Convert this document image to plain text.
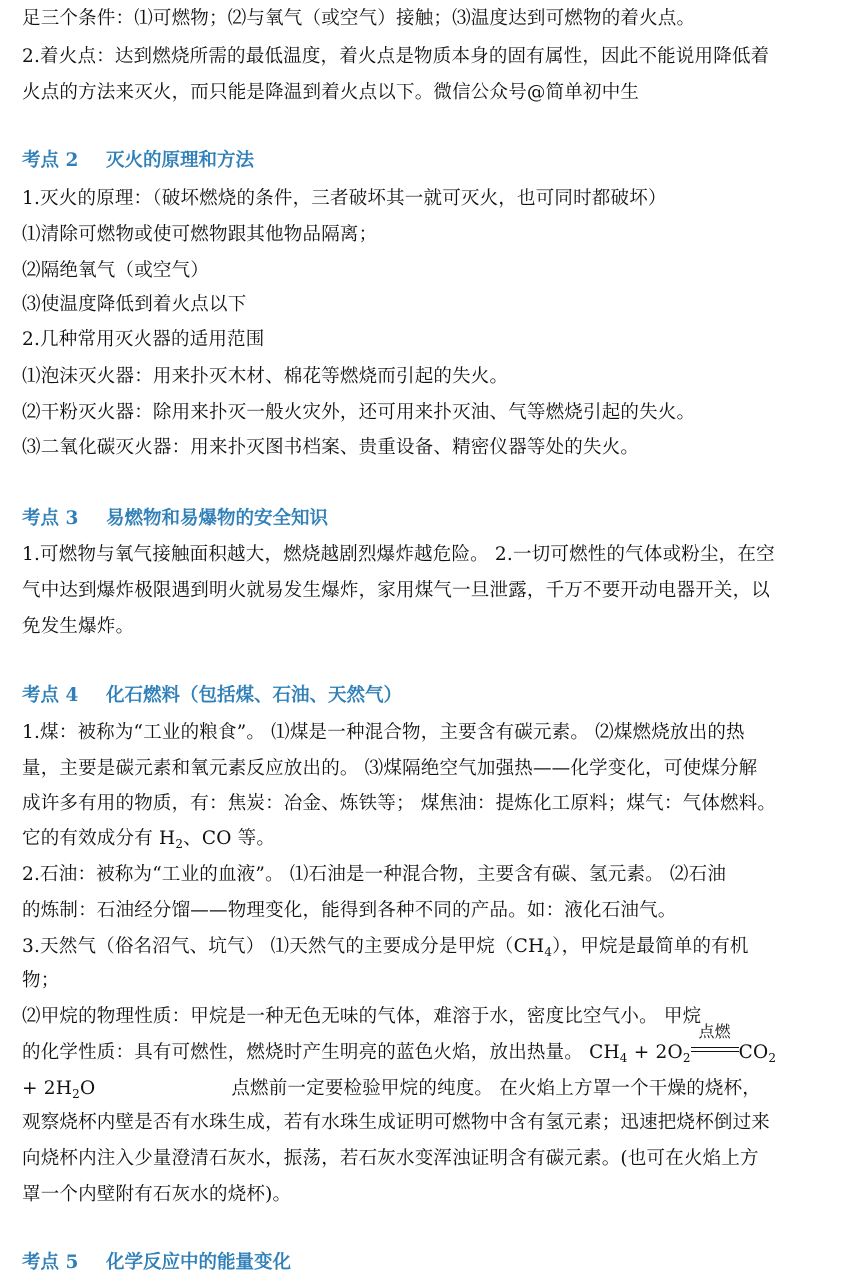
足三个条件：⑴可燃物；⑵与氧气（或空气）接触；⑶温度达到可燃物的着火点。
2.着火点：达到燃烧所需的最低温度，着火点是物质本身的固有属性，因此不能说用降低着
火点的方法来灭火，而只能是降温到着火点以下。微信公众号@简单初中生
考点 2 灭火的原理和方法
1.灭火的原理：（破坏燃烧的条件，三者破坏其一就可灭火，也可同时都破坏）
⑴清除可燃物或使可燃物跟其他物品隔离；
⑵隔绝氧气（或空气）
⑶使温度降低到着火点以下
2.几种常用灭火器的适用范围
⑴泡沫灭火器：用来扑灭木材、棉花等燃烧而引起的失火。
⑵干粉灭火器：除用来扑灭一般火灾外，还可用来扑灭油、气等燃烧引起的失火。
⑶二氧化碳灭火器：用来扑灭图书档案、贵重设备、精密仪器等处的失火。
考点 3 易燃物和易爆物的安全知识
1.可燃物与氧气接触面积越大，燃烧越剧烈爆炸越危险。 2.一切可燃性的气体或粉尘，在空
气中达到爆炸极限遇到明火就易发生爆炸，家用煤气一旦泄露，千万不要开动电器开关，以
免发生爆炸。
考点 4 化石燃料（包括煤、石油、天然气）
1.煤：被称为“工业的粮食”。 ⑴煤是一种混合物，主要含有碳元素。 ⑵煤燃烧放出的热
量，主要是碳元素和氧元素反应放出的。 ⑶煤隔绝空气加强热——化学变化，可使煤分解
成许多有用的物质，有：焦炭：冶金、炼铁等； 煤焦油：提炼化工原料；煤气：气体燃料。
它的有效成分有 $H_2$、CO 等。
2.石油：被称为“工业的血液”。 ⑴石油是一种混合物，主要含有碳、氢元素。 ⑵石油
的炼制：石油经分馏——物理变化，能得到各种不同的产品。如：液化石油气。
3.天然气（俗名沼气、坑气） ⑴天然气的主要成分是甲烷$(CH_4)$，甲烷是最简单的有机
物；
⑵甲烷的物理性质：甲烷是一种无色无味的气体，难溶于水，密度比空气小。 甲烷
的化学性质：具有可燃性，燃烧时产生明亮的蓝色火焰，放出热量。 $CH_4 + 2O_2$
点燃
$CO_2$
+ $2H_2O$	点燃前一定要检验甲烷的纯度。 在火焰上方罩一个干燥的烧杯，
观察烧杯内壁是否有水珠生成，若有水珠生成证明可燃物中含有氢元素；迅速把烧杯倒过来
向烧杯内注入少量澄清石灰水，振荡，若石灰水变浑浊证明含有碳元素。(也可在火焰上方
罩一个内壁附有石灰水的烧杯)。
考点 5 化学反应中的能量变化
